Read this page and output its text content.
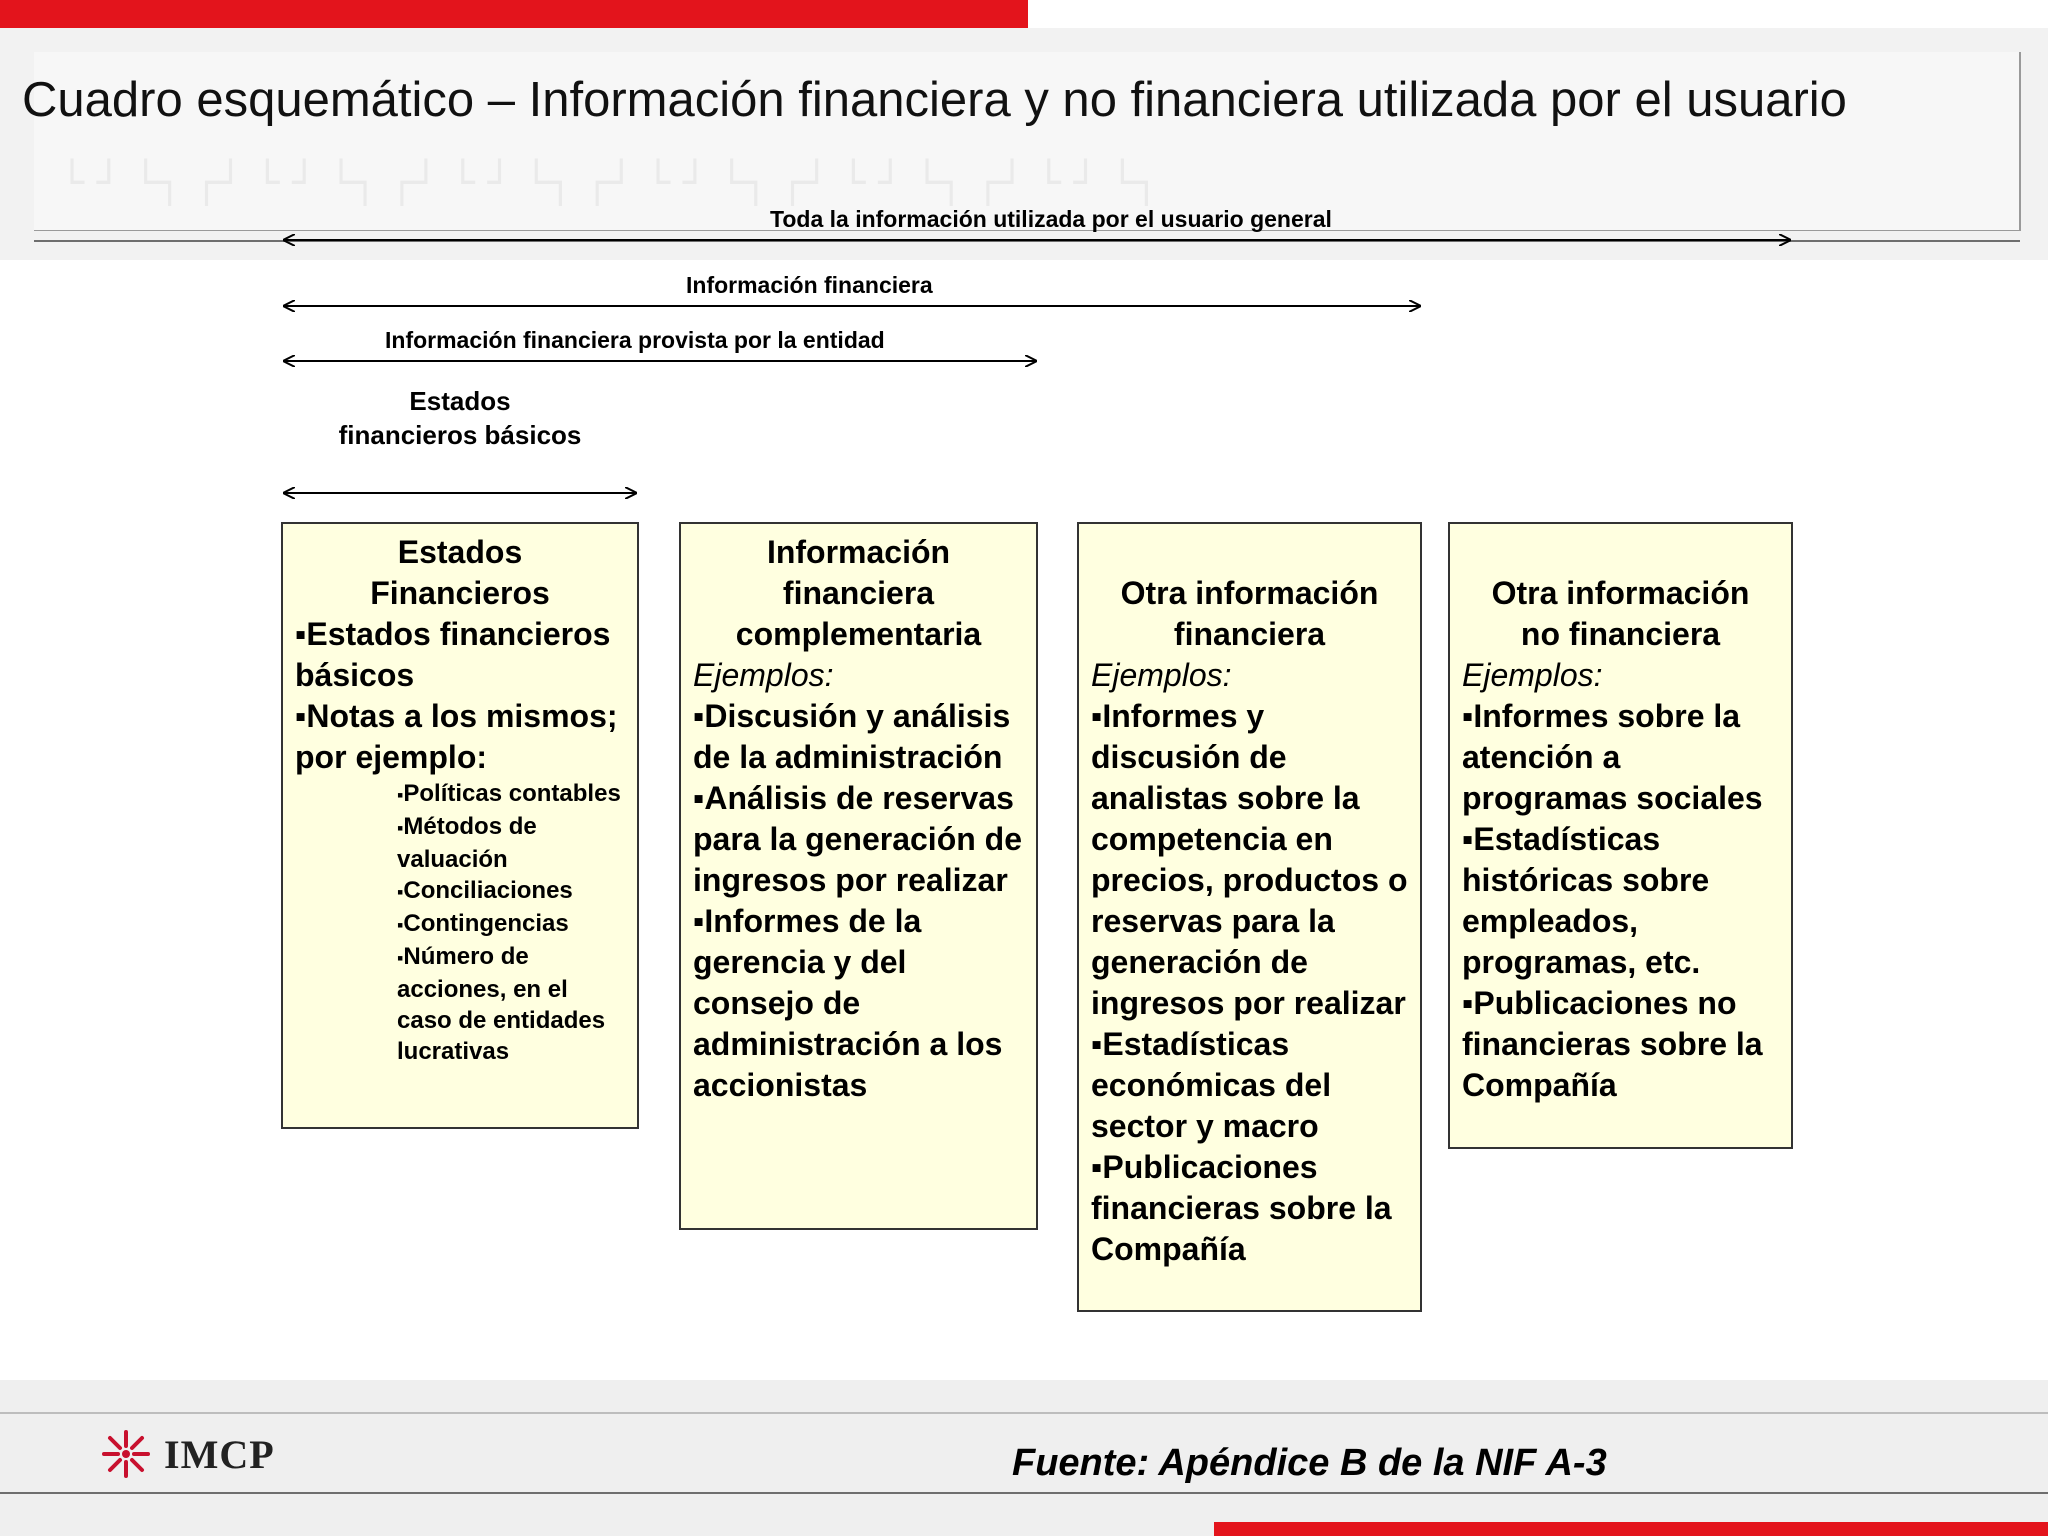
└ ┘ └┐ ┌┘ └ ┘ └┐ ┌┘ └ ┘ └┐ ┌┘ └ ┘ └┐ ┌┘ └ ┘ └┐ ┌┘ └ ┘ └┐
Cuadro esquemático – Información financiera y no financiera utilizada por el usuario
Toda la información utilizada por el usuario general
Información financiera
Información financiera provista por la entidad
Estados
financieros básicos
Estados
Financieros
▪ Estados financieros básicos
▪ Notas a los mismos; por ejemplo:
▪ Políticas contables
▪ Métodos de valuación
▪ Conciliaciones
▪ Contingencias
▪ Número de acciones, en el caso de entidades lucrativas
Información
financiera
complementaria
Ejemplos:
▪ Discusión y análisis de la administración
▪ Análisis de reservas para la generación de ingresos por realizar
▪ Informes de la gerencia y del consejo de administración a los accionistas
Otra información
financiera
Ejemplos:
▪ Informes y discusión de analistas sobre la competencia en precios, productos o reservas para la generación de ingresos por realizar
▪ Estadísticas económicas del sector y macro
▪ Publicaciones financieras sobre la Compañía
Otra información
no financiera
Ejemplos:
▪ Informes sobre la atención a programas sociales
▪ Estadísticas históricas sobre empleados, programas, etc.
▪ Publicaciones no financieras sobre la Compañía
IMCP	Fuente: Apéndice B de la NIF A-3
